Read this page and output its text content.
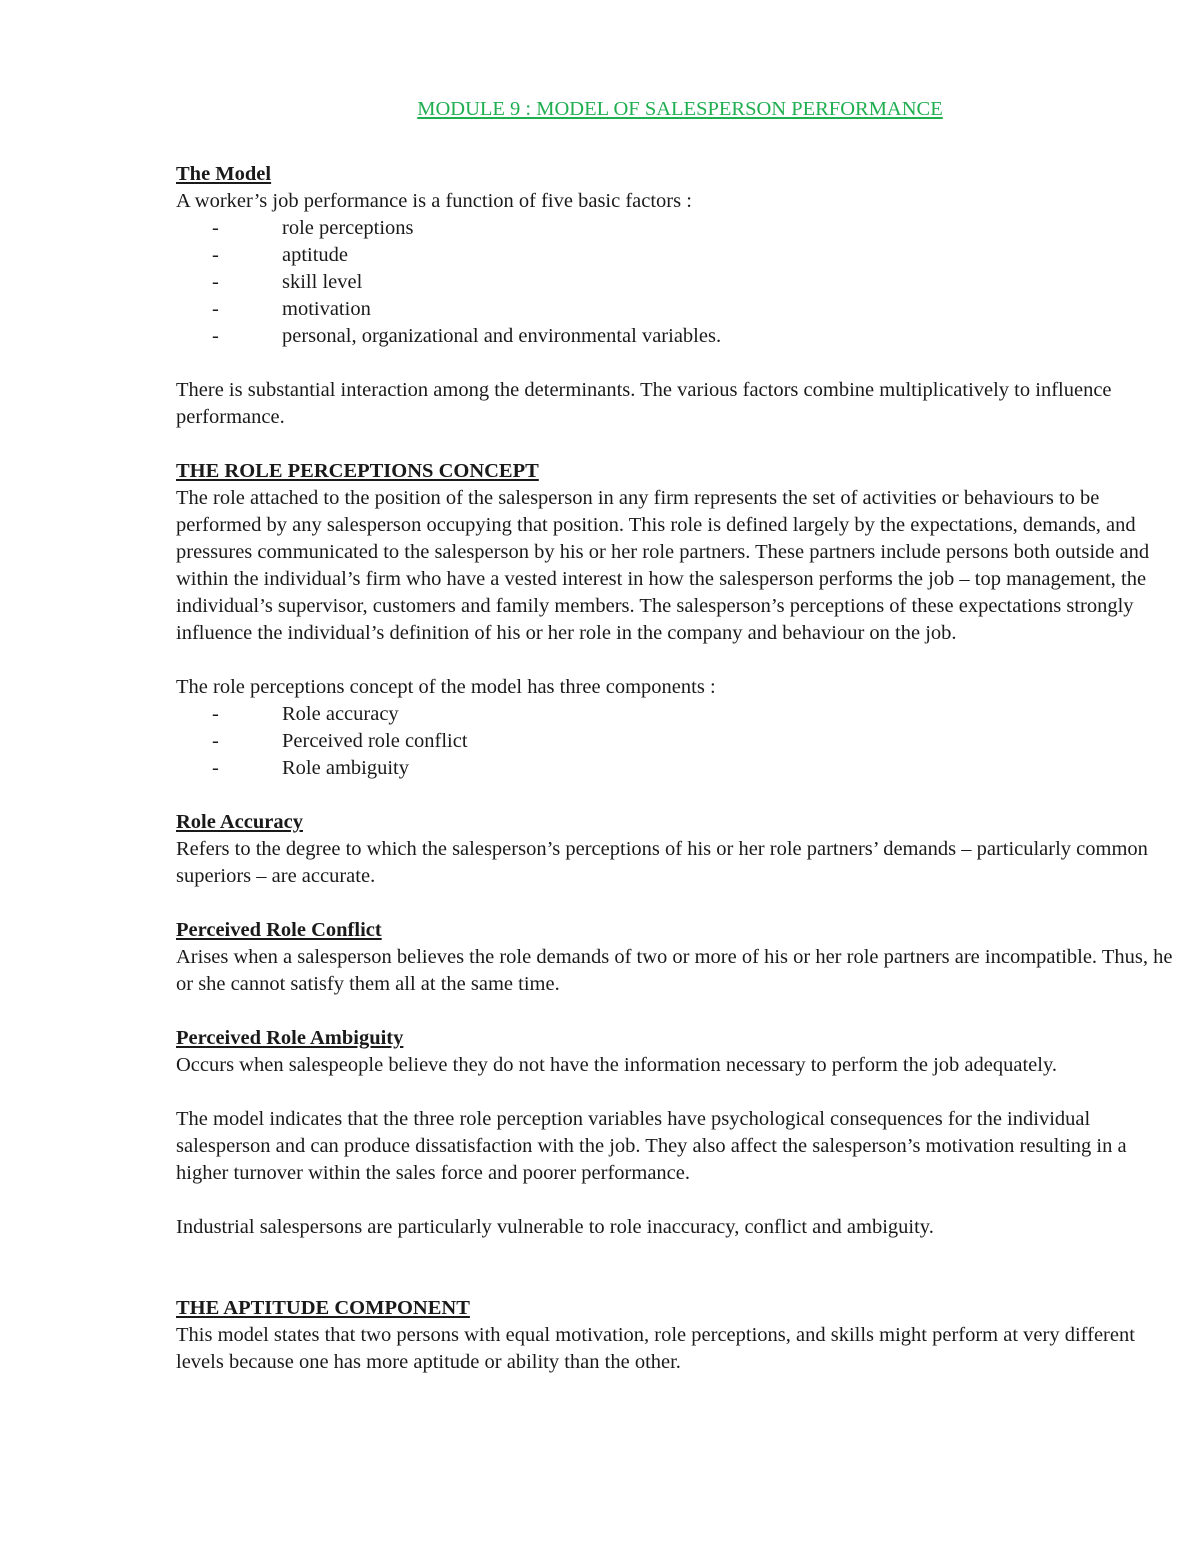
MODULE 9 : MODEL OF SALESPERSON PERFORMANCE
The Model

A worker’s job performance is a function of five basic factors :

-	role perceptions
-	aptitude
-	skill level
-	motivation
-	personal, organizational and environmental variables.

There is substantial interaction among the determinants. The various factors combine multiplicatively to influence performance.

THE ROLE PERCEPTIONS CONCEPT

The role attached to the position of the salesperson in any firm represents the set of activities or behaviours to be performed by any salesperson occupying that position. This role is defined largely by the expectations, demands, and pressures communicated to the salesperson by his or her role partners. These partners include persons both outside and within the individual’s firm who have a vested interest in how the salesperson performs the job – top management, the individual’s supervisor, customers and family members. The salesperson’s perceptions of these expectations strongly influence the individual’s definition of his or her role in the company and behaviour on the job.

The role perceptions concept of the model has three components :

-	Role accuracy
-	Perceived role conflict
-	Role ambiguity
Role Accuracy

Refers to the degree to which the salesperson’s perceptions of his or her role partners’ demands – particularly common superiors – are accurate.

Perceived Role Conflict

Arises when a salesperson believes the role demands of two or more of his or her role partners are incompatible. Thus, he or she cannot satisfy them all at the same time.

Perceived Role Ambiguity

Occurs when salespeople believe they do not have the information necessary to perform the job adequately.

The model indicates that the three role perception variables have psychological consequences for the individual salesperson and can produce dissatisfaction with the job. They also affect the salesperson’s motivation resulting in a higher turnover within the sales force and poorer performance.

Industrial salespersons are particularly vulnerable to role inaccuracy, conflict and ambiguity.

THE APTITUDE COMPONENT

This model states that two persons with equal motivation, role perceptions, and skills might perform at very different levels because one has more aptitude or ability than the other.
